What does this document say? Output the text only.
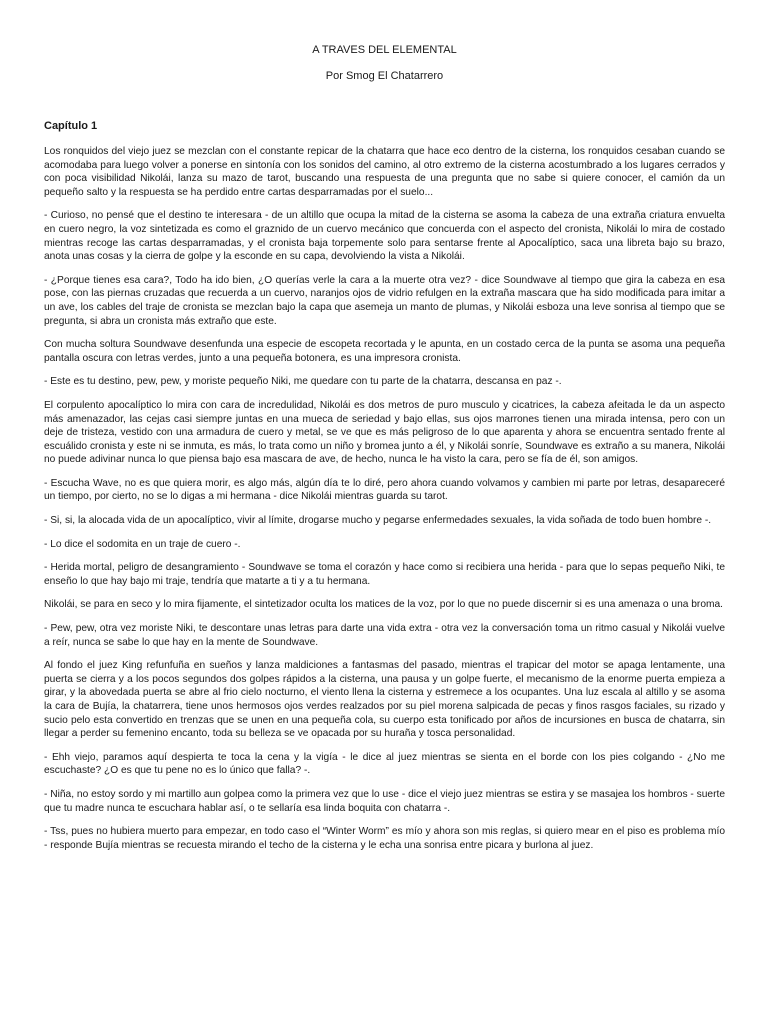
A TRAVES DEL ELEMENTAL
Por Smog El Chatarrero
Capítulo 1

Los ronquidos del viejo juez se mezclan con el constante repicar de la chatarra que hace eco dentro de la cisterna, los ronquidos cesaban cuando se acomodaba para luego volver a ponerse en sintonía con los sonidos del camino, al otro extremo de la cisterna acostumbrado a los lugares cerrados y con poca visibilidad Nikolái, lanza su mazo de tarot, buscando una respuesta de una pregunta que no sabe si quiere conocer, el camión da un pequeño salto y la respuesta se ha perdido entre cartas desparramadas por el suelo...

- Curioso, no pensé que el destino te interesara - de un altillo que ocupa la mitad de la cisterna se asoma la cabeza de una extraña criatura envuelta en cuero negro, la voz sintetizada es como el graznido de un cuervo mecánico que concuerda con el aspecto del cronista, Nikolái lo mira de costado mientras recoge las cartas desparramadas, y el cronista baja torpemente solo para sentarse frente al Apocalíptico, saca una libreta bajo su brazo, anota unas cosas y la cierra de golpe y la esconde en su capa, devolviendo la vista a Nikolái.

- ¿Porque tienes esa cara?, Todo ha ido bien, ¿O querías verle la cara a la muerte otra vez? - dice Soundwave al tiempo que gira la cabeza en esa pose, con las piernas cruzadas que recuerda a un cuervo, naranjos ojos de vidrio refulgen en la extraña mascara que ha sido modificada para imitar a un ave, los cables del traje de cronista se mezclan bajo la capa que asemeja un manto de plumas, y Nikolái esboza una leve sonrisa al tiempo que se pregunta, si abra un cronista más extraño que este.

Con mucha soltura Soundwave desenfunda una especie de escopeta recortada y le apunta, en un costado cerca de la punta se asoma una pequeña pantalla oscura con letras verdes, junto a una pequeña botonera, es una impresora cronista.

- Este es tu destino, pew, pew, y moriste pequeño Niki, me quedare con tu parte de la chatarra, descansa en paz -.

El corpulento apocalíptico lo mira con cara de incredulidad, Nikolái es dos metros de puro musculo y cicatrices, la cabeza afeitada le da un aspecto más amenazador, las cejas casi siempre juntas en una mueca de seriedad y bajo ellas, sus ojos marrones tienen una mirada intensa, pero con un deje de tristeza, vestido con una armadura de cuero y metal, se ve que es más peligroso de lo que aparenta y ahora se encuentra sentado frente al escuálido cronista y este ni se inmuta, es más, lo trata como un niño y bromea junto a él, y Nikolái sonríe, Soundwave es extraño a su manera, Nikolái no puede adivinar nunca lo que piensa bajo esa mascara de ave, de hecho, nunca le ha visto la cara, pero se fía de él, son amigos.

- Escucha Wave, no es que quiera morir, es algo más, algún día te lo diré, pero ahora cuando volvamos y cambien mi parte por letras, desapareceré un tiempo, por cierto, no se lo digas a mi hermana - dice Nikolái mientras guarda su tarot.

- Si, si, la alocada vida de un apocalíptico, vivir al límite, drogarse mucho y pegarse enfermedades sexuales, la vida soñada de todo buen hombre -.

- Lo dice el sodomita en un traje de cuero -.

- Herida mortal, peligro de desangramiento - Soundwave se toma el corazón y hace como si recibiera una herida - para que lo sepas pequeño Niki, te enseño lo que hay bajo mi traje, tendría que matarte a ti y a tu hermana.

Nikolái, se para en seco y lo mira fijamente, el sintetizador oculta los matices de la voz, por lo que no puede discernir si es una amenaza o una broma.

- Pew, pew, otra vez moriste Niki, te descontare unas letras para darte una vida extra - otra vez la conversación toma un ritmo casual y Nikolái vuelve a reír, nunca se sabe lo que hay en la mente de Soundwave.

Al fondo el juez King refunfuña en sueños y lanza maldiciones a fantasmas del pasado, mientras el trapicar del motor se apaga lentamente, una puerta se cierra y a los pocos segundos dos golpes rápidos a la cisterna, una pausa y un golpe fuerte, el mecanismo de la enorme puerta empieza a girar, y la abovedada puerta se abre al frio cielo nocturno, el viento llena la cisterna y estremece a los ocupantes. Una luz escala al altillo y se asoma la cara de Bujía, la chatarrera, tiene unos hermosos ojos verdes realzados por su piel morena salpicada de pecas y finos rasgos faciales, su rizado y sucio pelo esta convertido en trenzas que se unen en una pequeña cola, su cuerpo esta tonificado por años de incursiones en busca de chatarra, sin llegar a perder su femenino encanto, toda su belleza se ve opacada por su huraña y tosca personalidad.

- Ehh viejo, paramos aquí despierta te toca la cena y la vigía - le dice al juez mientras se sienta en el borde con los pies colgando - ¿No me escuchaste? ¿O es que tu pene no es lo único que falla? -.

- Niña, no estoy sordo y mi martillo aun golpea como la primera vez que lo use - dice el viejo juez mientras se estira y se masajea los hombros - suerte que tu madre nunca te escuchara hablar así, o te sellaría esa linda boquita con chatarra -.

- Tss, pues no hubiera muerto para empezar, en todo caso el “Winter Worm” es mío y ahora son mis reglas, si quiero mear en el piso es problema mío - responde Bujía mientras se recuesta mirando el techo de la cisterna y le echa una sonrisa entre picara y burlona al juez.
